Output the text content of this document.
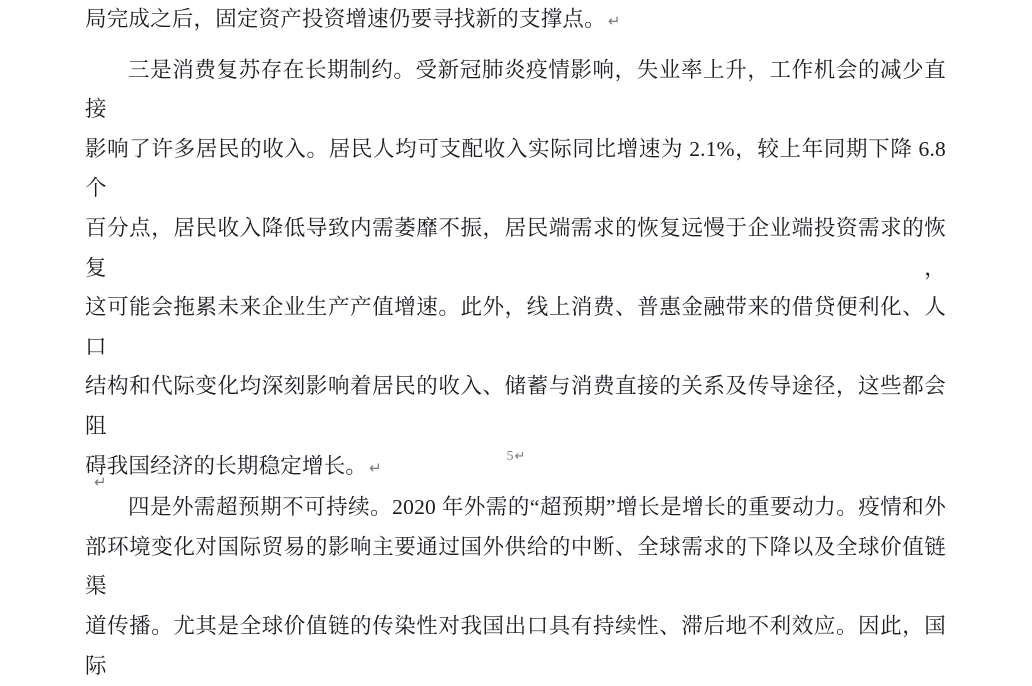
局完成之后，固定资产投资增速仍要寻找新的支撑点。 ↵
三是消费复苏存在长期制约。受新冠肺炎疫情影响，失业率上升，工作机会的减少直接
影响了许多居民的收入。居民人均可支配收入实际同比增速为 2.1%，较上年同期下降 6.8 个
百分点，居民收入降低导致内需萎靡不振，居民端需求的恢复远慢于企业端投资需求的恢复，
这可能会拖累未来企业生产产值增速。此外，线上消费、普惠金融带来的借贷便利化、人口
结构和代际变化均深刻影响着居民的收入、储蓄与消费直接的关系及传导途径，这些都会阻
碍我国经济的长期稳定增长。 ↵
四是外需超预期不可持续。2020 年外需的“超预期”增长是增长的重要动力。疫情和外
部环境变化对国际贸易的影响主要通过国外供给的中断、全球需求的下降以及全球价值链渠
道传播。尤其是全球价值链的传染性对我国出口具有持续性、滞后地不利效应。因此，国际
5↵
↵
